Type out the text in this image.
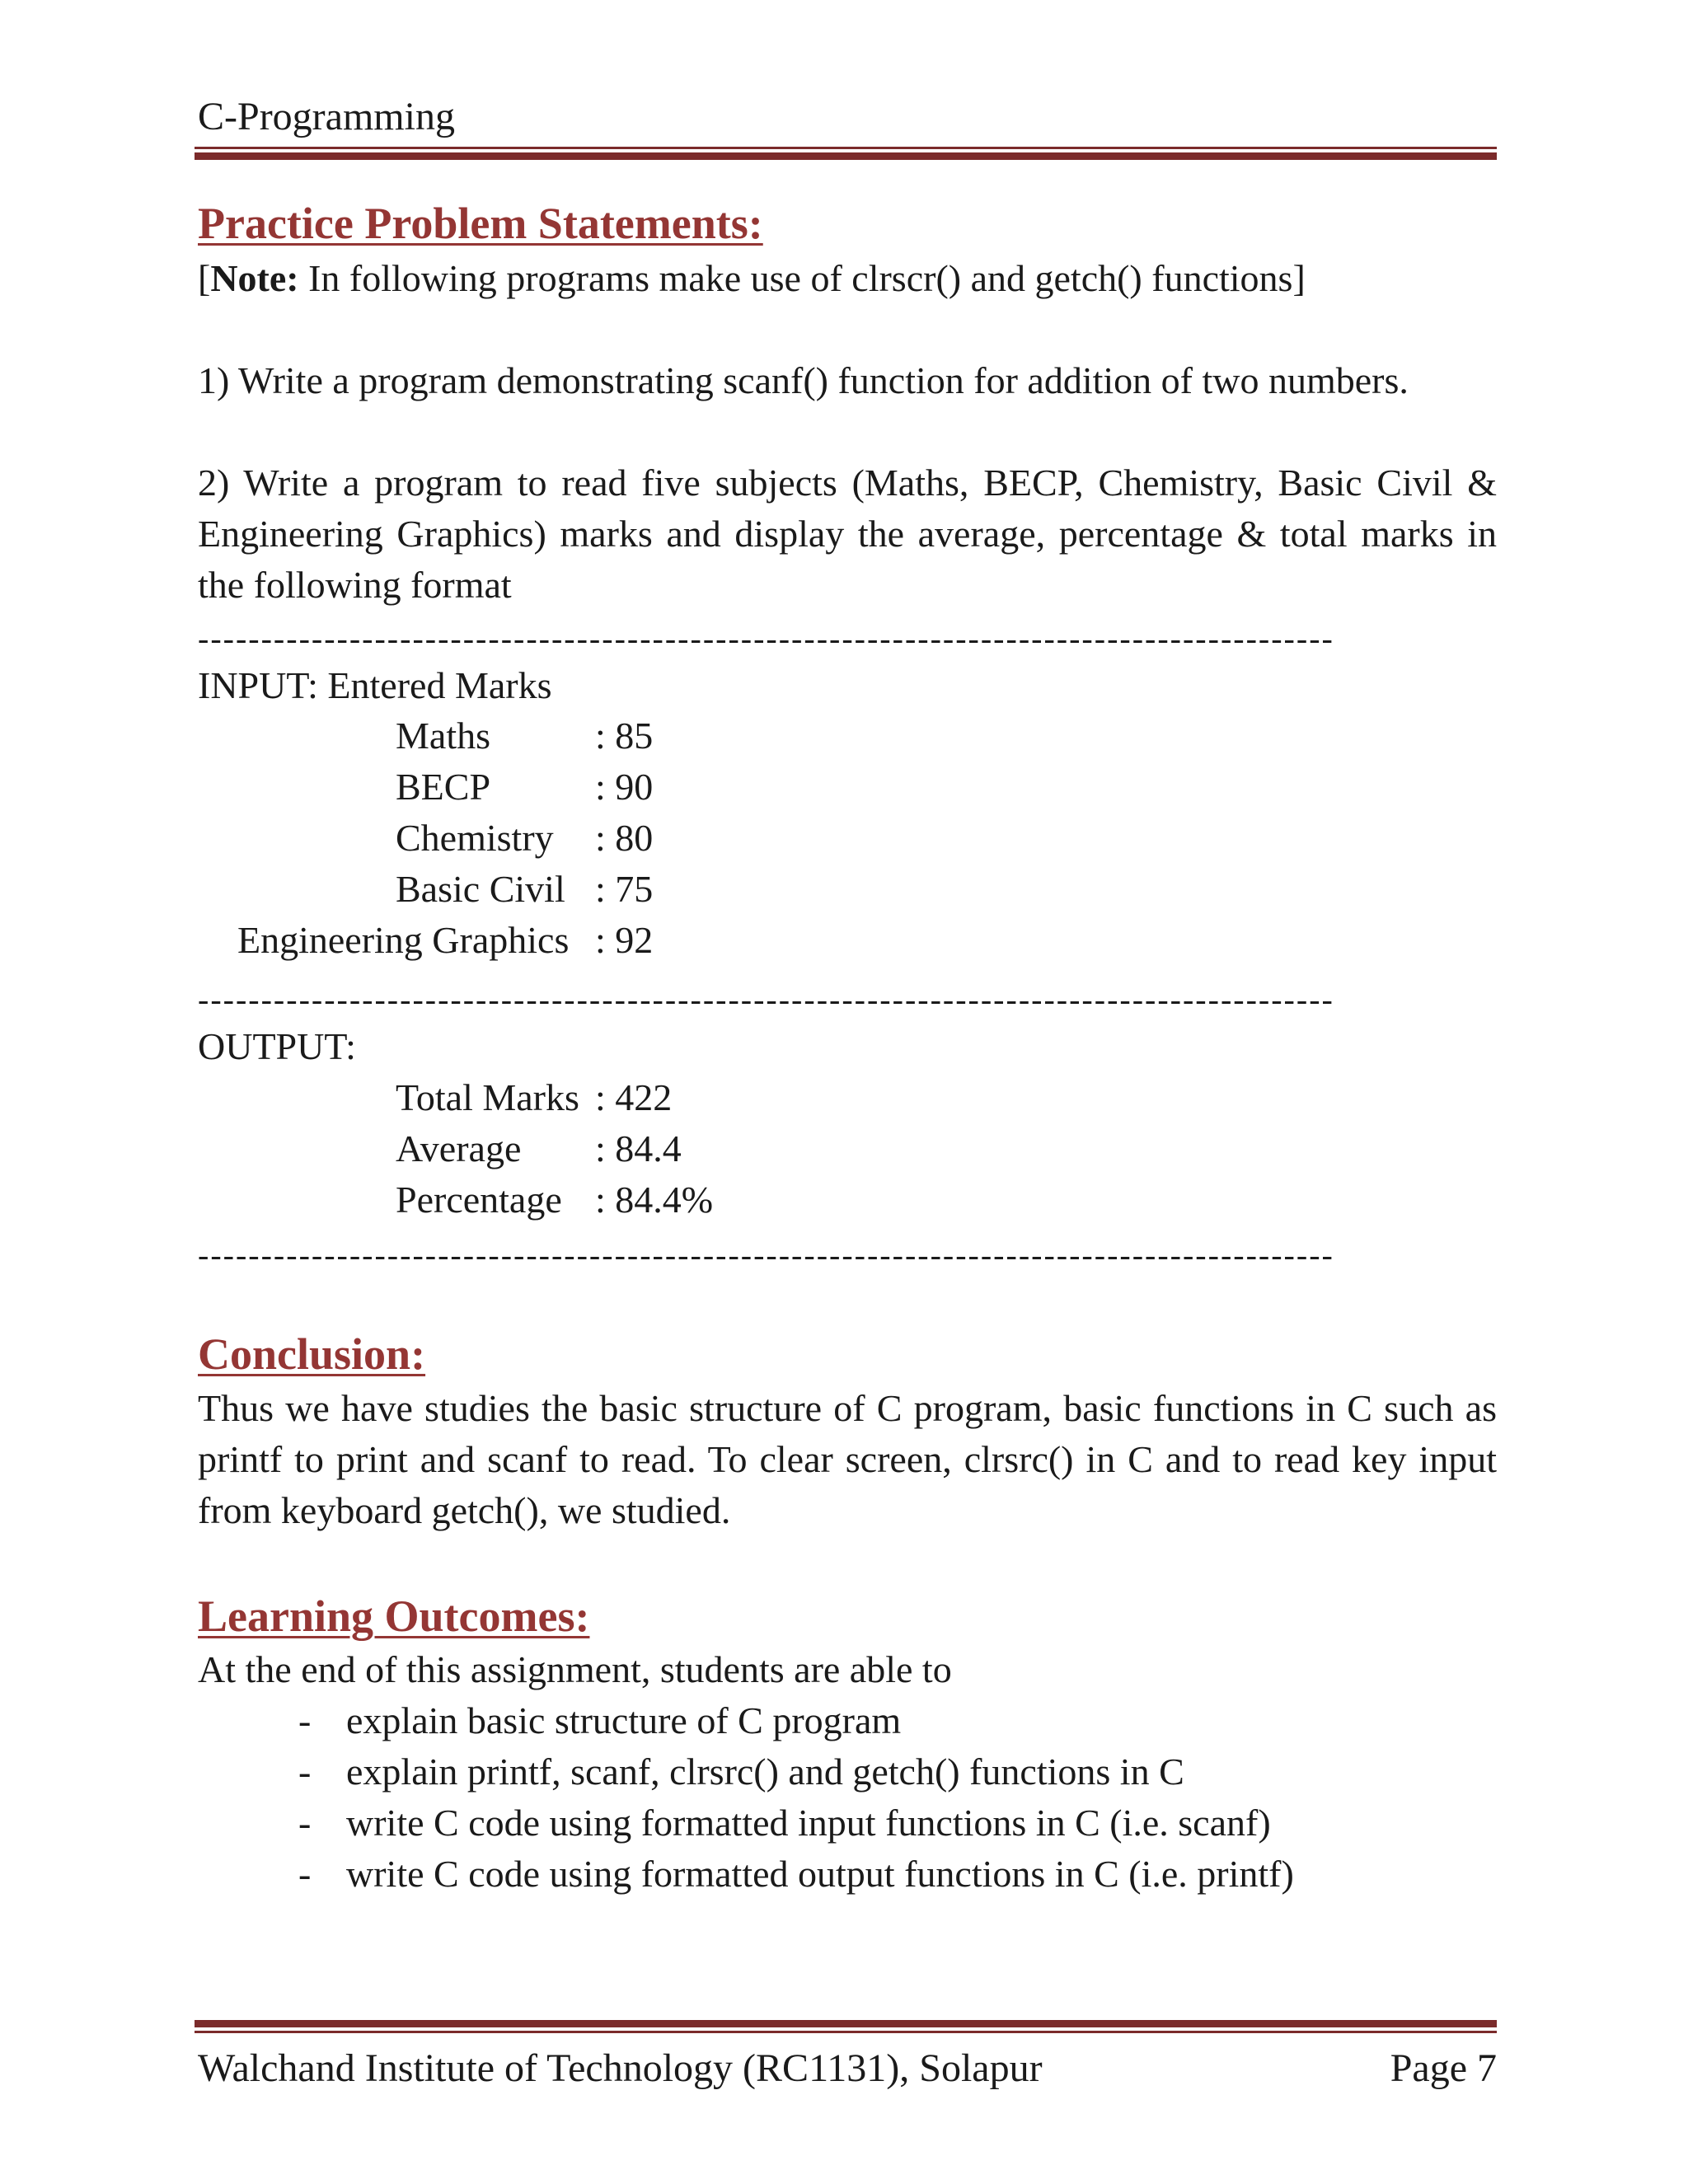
C-Programming
Practice Problem Statements:
[Note: In following programs make use of clrscr() and getch() functions]
1) Write a program demonstrating scanf() function for addition of two numbers.
2) Write a program to read five subjects (Maths, BECP, Chemistry, Basic Civil & Engineering Graphics) marks and display the average, percentage & total marks in the following format
------------------------------------------------------------------------------------------
INPUT: Entered Marks
Maths	: 85
BECP	: 90
Chemistry : 80
Basic Civil : 75
Engineering Graphics : 92
------------------------------------------------------------------------------------------
OUTPUT:
Total Marks : 422
Average : 84.4
Percentage : 84.4%
------------------------------------------------------------------------------------------
Conclusion:
Thus we have studies the basic structure of C program, basic functions in C such as printf to print and scanf to read. To clear screen, clrsrc() in C and to read key input from keyboard getch(), we studied.
Learning Outcomes:
At the end of this assignment, students are able to
- explain basic structure of C program
- explain printf, scanf, clrsrc() and getch() functions in C
- write C code using formatted input functions in C (i.e. scanf)
- write C code using formatted output functions in C (i.e. printf)
Walchand Institute of Technology (RC1131), Solapur	Page 7
